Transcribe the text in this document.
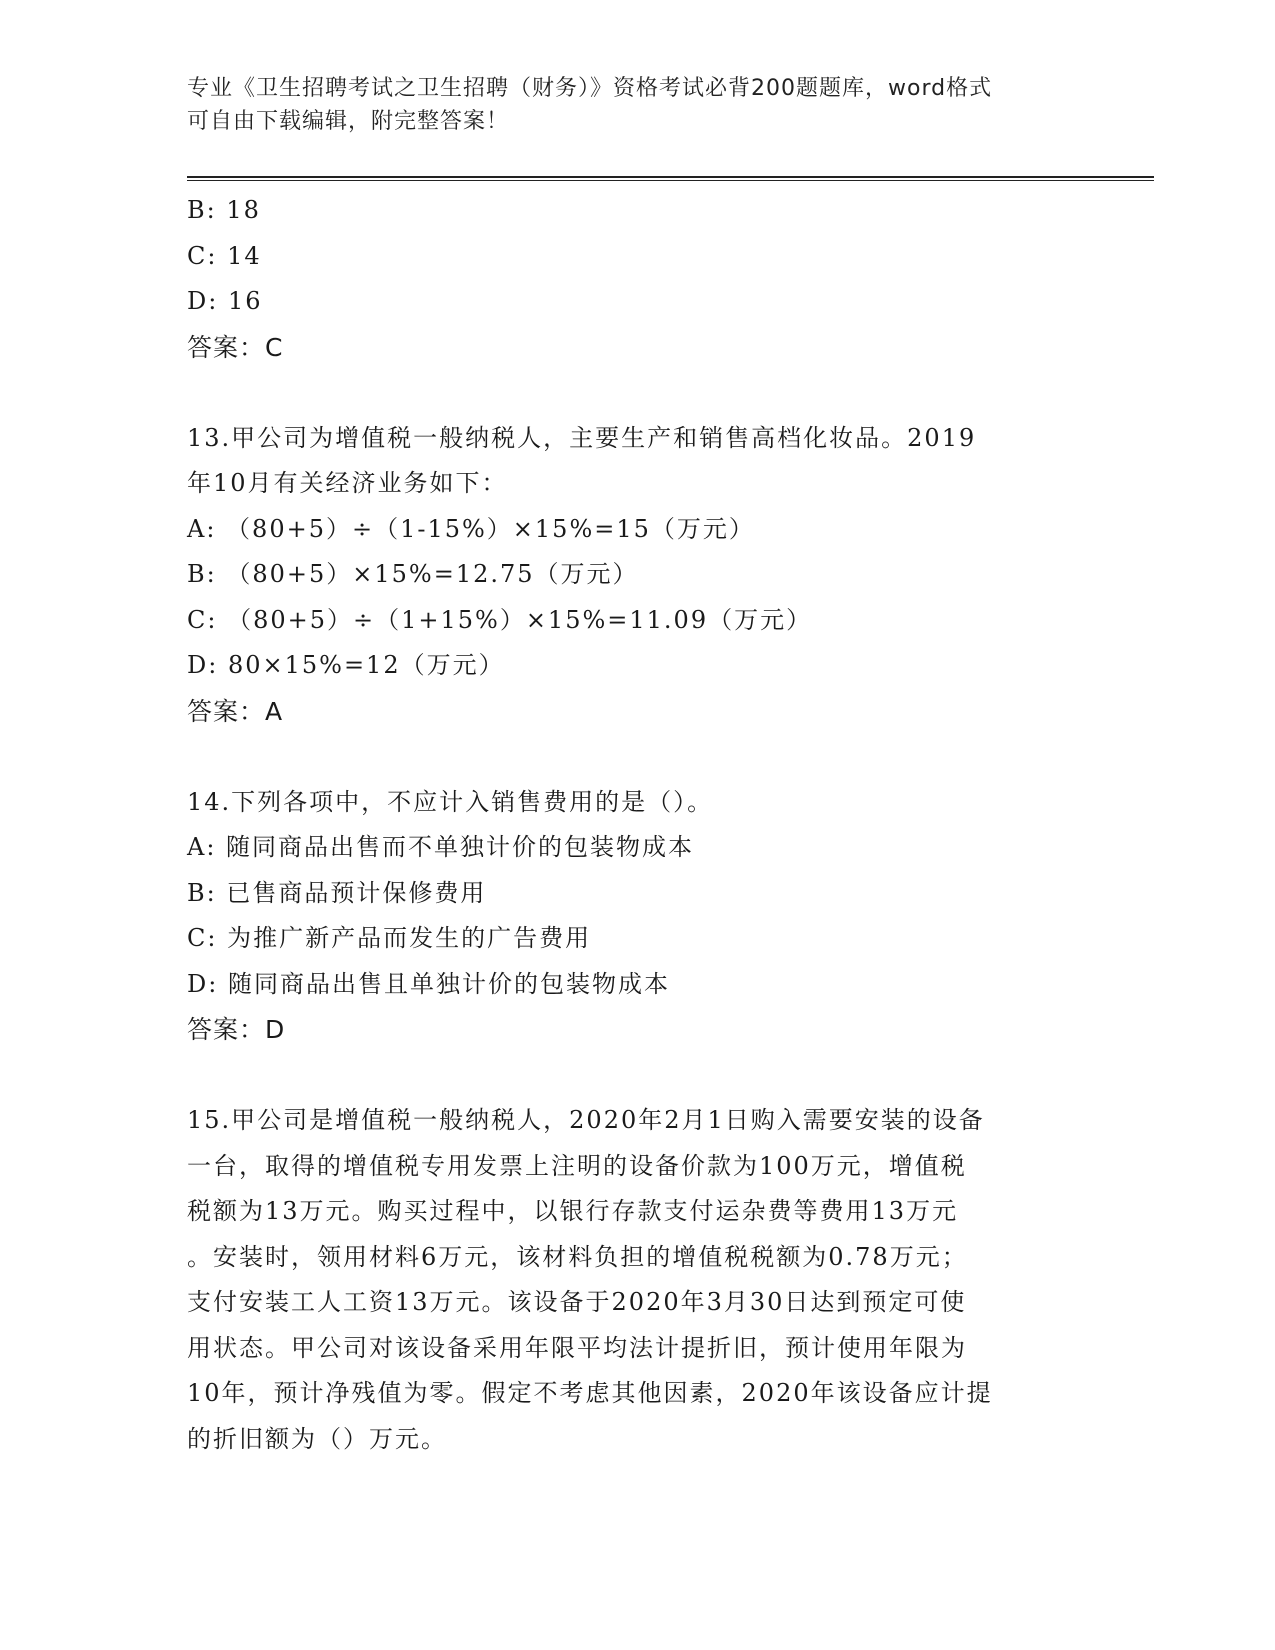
专业《卫生招聘考试之卫生招聘（财务）》资格考试必背200题题库，word格式
可自由下载编辑，附完整答案！
B: 18
C: 14
D: 16
答案：C
13.甲公司为增值税一般纳税人，主要生产和销售高档化妆品。2019
年10月有关经济业务如下：
A: （80+5）÷（1-15%）×15%=15（万元）
B: （80+5）×15%=12.75（万元）
C: （80+5）÷（1+15%）×15%=11.09（万元）
D: 80×15%=12（万元）
答案：A
14.下列各项中，不应计入销售费用的是（）。
A: 随同商品出售而不单独计价的包装物成本
B: 已售商品预计保修费用
C: 为推广新产品而发生的广告费用
D: 随同商品出售且单独计价的包装物成本
答案：D
15.甲公司是增值税一般纳税人，2020年2月1日购入需要安装的设备
一台，取得的增值税专用发票上注明的设备价款为100万元，增值税
税额为13万元。购买过程中，以银行存款支付运杂费等费用13万元
。安装时，领用材料6万元，该材料负担的增值税税额为0.78万元；
支付安装工人工资13万元。该设备于2020年3月30日达到预定可使
用状态。甲公司对该设备采用年限平均法计提折旧，预计使用年限为
10年，预计净残值为零。假定不考虑其他因素，2020年该设备应计提
的折旧额为（）万元。
